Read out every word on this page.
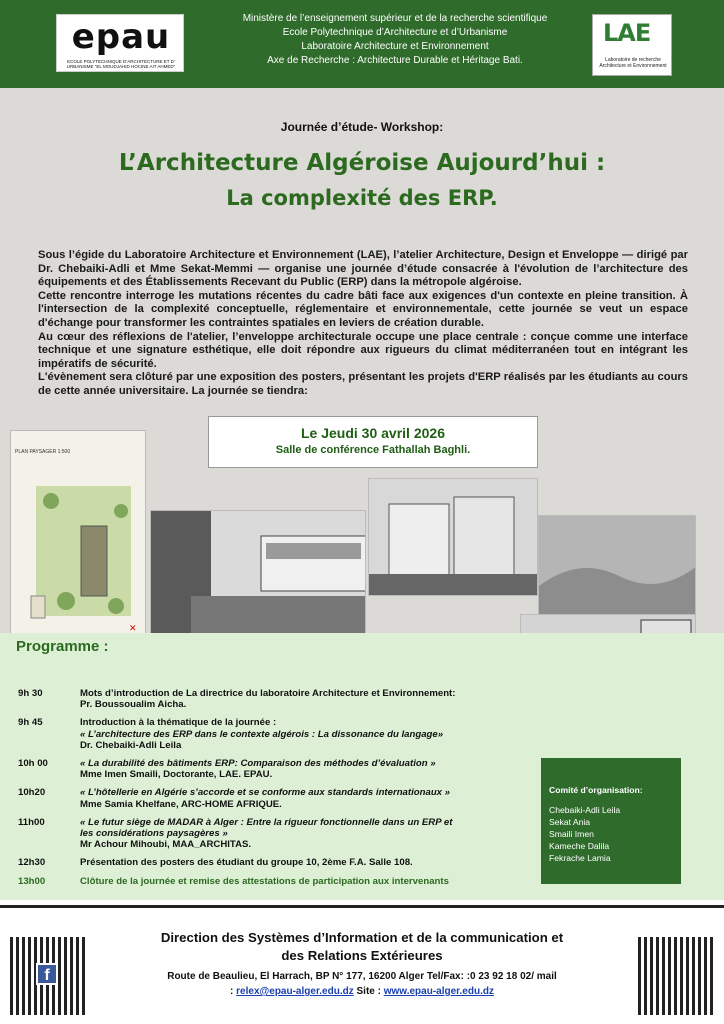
epau
ECOLE POLYTECHNIQUE D’ARCHITECTURE ET D’ URBANISME "EL MOUDJAHID HOCINE AIT AHMED"
Ministère de l’enseignement supérieur et de la recherche scientifique
Ecole Polytechnique d’Architecture et d’Urbanisme
Laboratoire Architecture et Environnement
Axe de Recherche : Architecture Durable et Héritage Bati.
LAE
Laboratoire de recherche Architecture et Environnement
Journée d’étude- Workshop:
L’Architecture Algéroise Aujourd’hui :
La complexité des ERP.

Sous l’égide du Laboratoire Architecture et Environnement (LAE), l’atelier Architecture, Design et Enveloppe — dirigé par Dr. Chebaiki-Adli et Mme Sekat-Memmi — organise une journée d’étude consacrée à l'évolution de l’architecture des équipements et des Établissements Recevant du Public (ERP) dans la métropole algéroise.

Cette rencontre interroge les mutations récentes du cadre bâti face aux exigences d'un contexte en pleine transition. À l'intersection de la complexité conceptuelle, réglementaire et environnementale, cette journée se veut un espace d'échange pour transformer les contraintes spatiales en leviers de création durable.

Au cœur des réflexions de l'atelier, l’enveloppe architecturale occupe une place centrale : conçue comme une interface technique et une signature esthétique, elle doit répondre aux rigueurs du climat méditerranéen tout en intégrant les impératifs de sécurité.

L'évènement sera clôturé par une exposition des posters, présentant les projets d'ERP réalisés par les étudiants au cours de cette année universitaire. La journée se tiendra:

PLAN PAYSAGER 1:500
✕
Le Jeudi 30 avril 2026
Salle de conférence Fathallah Baghli.
Programme :
9h 30	Mots d’introduction de La directrice du laboratoire Architecture et Environnement:
Pr. Boussoualim Aicha.
9h 45	Introduction à la thématique de la journée :
« L’architecture des ERP dans le contexte algérois : La dissonance du langage»
Dr. Chebaiki-Adli Leila
10h 00	« La durabilité des bâtiments ERP: Comparaison des méthodes d’évaluation »
Mme Imen Smaili, Doctorante, LAE. EPAU.
10h20	« L’hôtellerie en Algérie s’accorde et se conforme aux standards internationaux »
Mme Samia Khelfane, ARC-HOME AFRIQUE.
11h00	« Le futur siège de MADAR à Alger : Entre la rigueur fonctionnelle dans un ERP et
les considérations paysagères »
Mr Achour Mihoubi, MAA_ARCHITAS.
12h30	Présentation des posters des étudiant du groupe 10, 2ème F.A. Salle 108.
13h00	Clôture de la journée et remise des attestations de participation aux intervenants
Comité d’organisation:
Chebaiki-Adli Leila
Sekat Ania
Smaili Imen
Kameche Dalila
Fekrache Lamia
f
Direction des Systèmes d’Information et de la communication et
des Relations Extérieures
Route de Beaulieu, El Harrach, BP N° 177, 16200 Alger Tel/Fax: :0 23 92 18 02/ mail
: relex@epau-alger.edu.dz Site : www.epau-alger.edu.dz
